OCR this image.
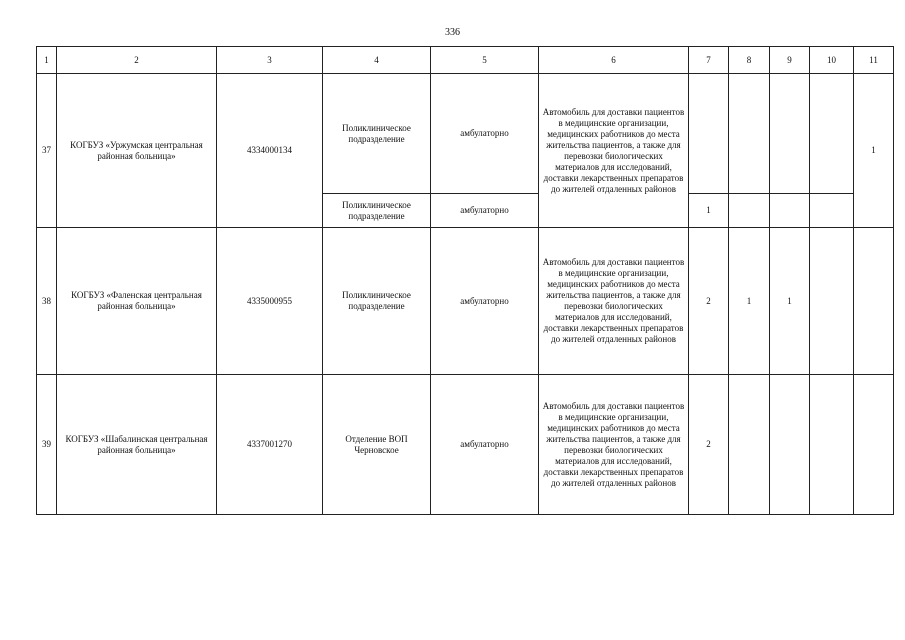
336
1	2	3	4	5	6	7	8	9	10	11
37	КОГБУЗ «Уржумская центральная районная больница»	4334000134	Поликлиническое подразделение	амбулаторно	Автомобиль для доставки пациентов в медицинские организации, медицинских работников до места жительства пациентов, а также для перевозки биологических материалов для исследований, доставки лекарственных препаратов до жителей отдаленных районов					1
			Поликлиническое подразделение	амбулаторно		1				
38	КОГБУЗ «Фаленская центральная районная больница»	4335000955	Поликлиническое подразделение	амбулаторно	Автомобиль для доставки пациентов в медицинские организации, медицинских работников до места жительства пациентов, а также для перевозки биологических материалов для исследований, доставки лекарственных препаратов до жителей отдаленных районов	2	1	1		
39	КОГБУЗ «Шабалинская центральная районная больница»	4337001270	Отделение ВОП Черновское	амбулаторно	Автомобиль для доставки пациентов в медицинские организации, медицинских работников до места жительства пациентов, а также для перевозки биологических материалов для исследований, доставки лекарственных препаратов до жителей отдаленных районов	2				
